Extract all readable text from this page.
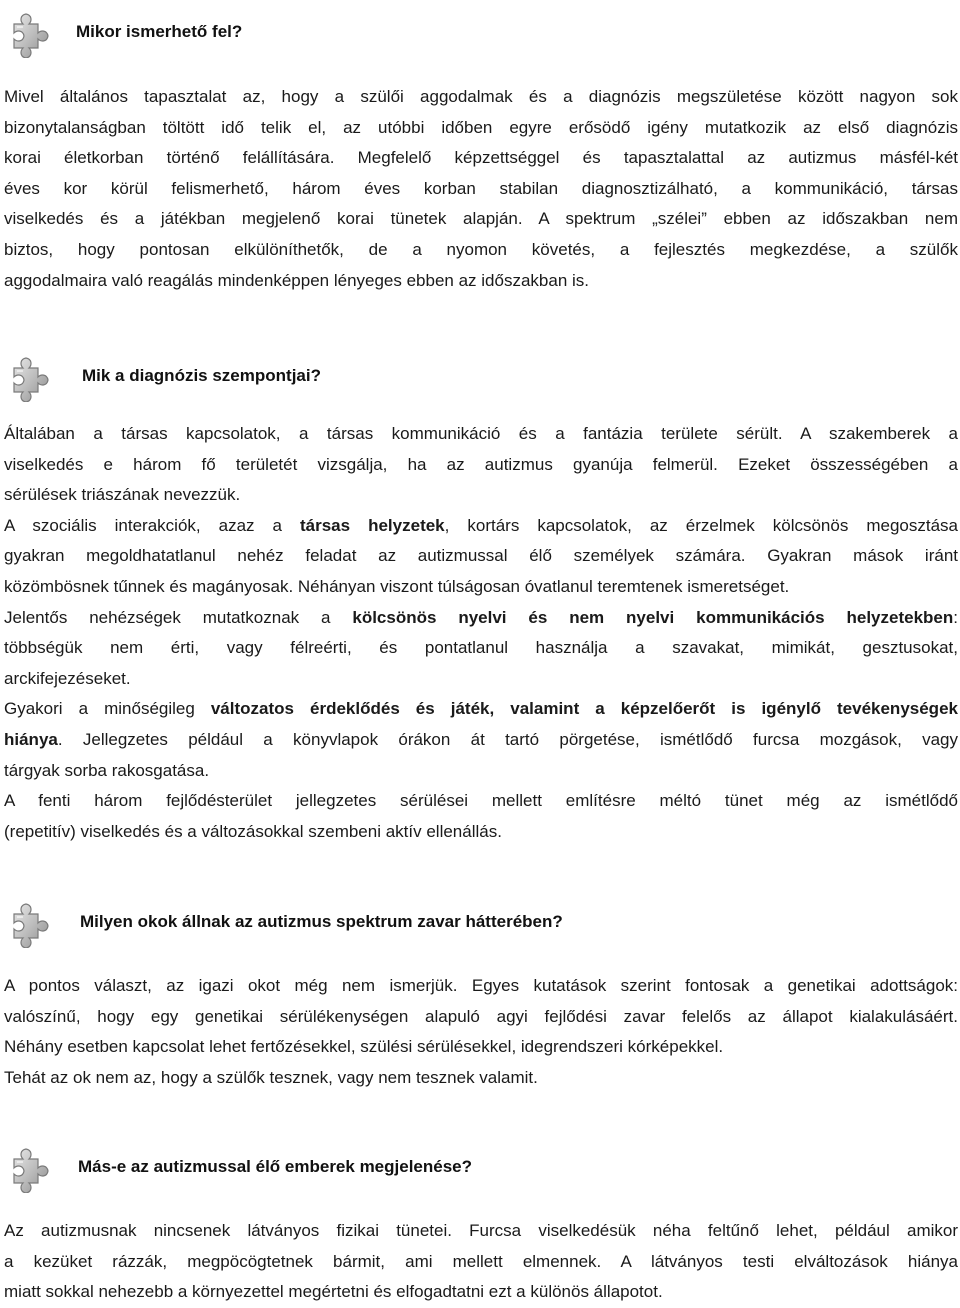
Mikor ismerhető fel?
Mivel általános tapasztalat az, hogy a szülői aggodalmak és a diagnózis megszületése között nagyon sok
bizonytalanságban töltött idő telik el, az utóbbi időben egyre erősödő igény mutatkozik az első diagnózis
korai életkorban történő felállítására. Megfelelő képzettséggel és tapasztalattal az autizmus másfél-két
éves kor körül felismerhető, három éves korban stabilan diagnosztizálható, a kommunikáció, társas
viselkedés és a játékban megjelenő korai tünetek alapján. A spektrum „szélei” ebben az időszakban nem
biztos, hogy pontosan elkülöníthetők, de a nyomon követés, a fejlesztés megkezdése, a szülők
aggodalmaira való reagálás mindenképpen lényeges ebben az időszakban is.
Mik a diagnózis szempontjai?
Általában a társas kapcsolatok, a társas kommunikáció és a fantázia területe sérült. A szakemberek a
viselkedés e három fő területét vizsgálja, ha az autizmus gyanúja felmerül. Ezeket összességében a
sérülések triászának nevezzük.
A szociális interakciók, azaz a társas helyzetek, kortárs kapcsolatok, az érzelmek kölcsönös megosztása
gyakran megoldhatatlanul nehéz feladat az autizmussal élő személyek számára. Gyakran mások iránt
közömbösnek tűnnek és magányosak. Néhányan viszont túlságosan óvatlanul teremtenek ismeretséget.
Jelentős nehézségek mutatkoznak a kölcsönös nyelvi és nem nyelvi kommunikációs helyzetekben:
többségük nem érti, vagy félreérti, és pontatlanul használja a szavakat, mimikát, gesztusokat,
arckifejezéseket.
Gyakori a minőségileg változatos érdeklődés és játék, valamint a képzelőerőt is igénylő tevékenységek
hiánya. Jellegzetes például a könyvlapok órákon át tartó pörgetése, ismétlődő furcsa mozgások, vagy
tárgyak sorba rakosgatása.
A fenti három fejlődésterület jellegzetes sérülései mellett említésre méltó tünet még az ismétlődő
(repetitív) viselkedés és a változásokkal szembeni aktív ellenállás.
Milyen okok állnak az autizmus spektrum zavar hátterében?
A pontos választ, az igazi okot még nem ismerjük. Egyes kutatások szerint fontosak a genetikai adottságok:
valószínű, hogy egy genetikai sérülékenységen alapuló agyi fejlődési zavar felelős az állapot kialakulásáért.
Néhány esetben kapcsolat lehet fertőzésekkel, szülési sérülésekkel, idegrendszeri kórképekkel.
Tehát az ok nem az, hogy a szülők tesznek, vagy nem tesznek valamit.
Más-e az autizmussal élő emberek megjelenése?
Az autizmusnak nincsenek látványos fizikai tünetei. Furcsa viselkedésük néha feltűnő lehet, például amikor
a kezüket rázzák, megpöcögtetnek bármit, ami mellett elmennek. A látványos testi elváltozások hiánya
miatt sokkal nehezebb a környezettel megértetni és elfogadtatni ezt a különös állapotot.
